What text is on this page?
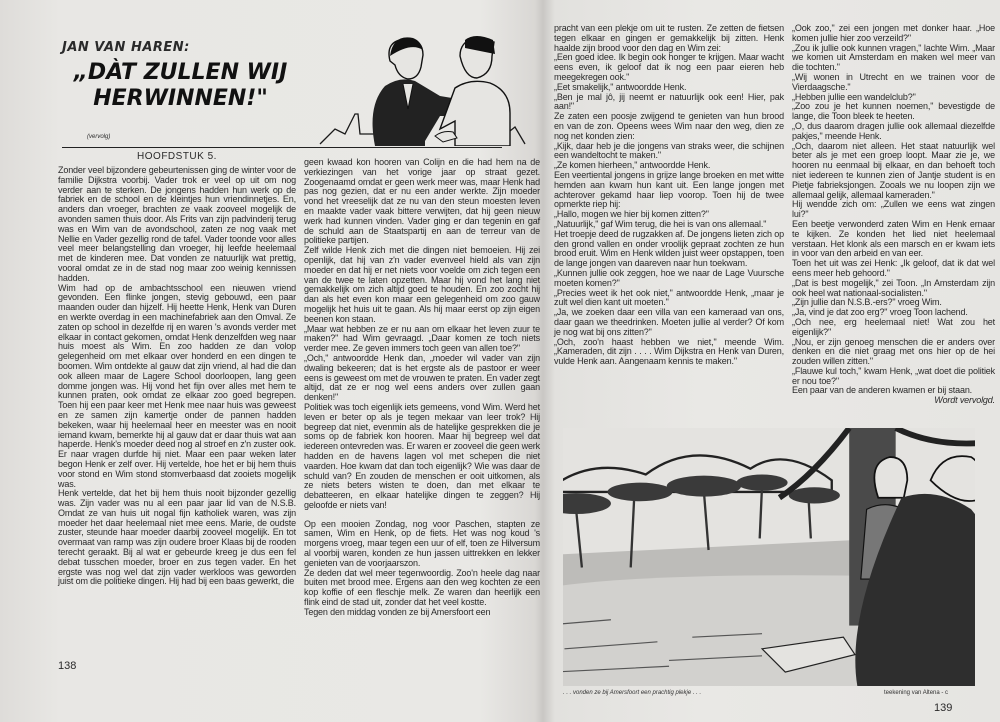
JAN VAN HAREN:
„DÀT ZULLEN WIJ HERWINNEN!"
(vervolg)
HOOFDSTUK 5.

Zonder veel bijzondere gebeurtenissen ging de winter voor de familie Dijkstra voorbij. Vader trok er veel op uit om nog verder aan te sterken. De jongens hadden hun werk op de fabriek en de school en de kleintjes hun vriendinnetjes. En, anders dan vroeger, brachten ze vaak zooveel mogelijk de avonden samen thuis door. Als Frits van zijn padvinderij terug was en Wim van de avondschool, zaten ze nog vaak met Nellie en Vader gezellig rond de tafel. Vader toonde voor alles veel meer belangstelling dan vroeger, hij leefde heelemaal met de kinderen mee. Dat vonden ze natuurlijk wat prettig, vooral omdat ze in de stad nog maar zoo weinig kennissen hadden.

Wim had op de ambachtsschool een nieuwen vriend gevonden. Een flinke jongen, stevig gebouwd, een paar maanden ouder dan hijzelf. Hij heette Henk, Henk van Duren en werkte overdag in een machinefabriek aan den Omval. Ze zaten op school in dezelfde rij en waren 's avonds verder met elkaar in contact gekomen, omdat Henk denzelfden weg naar huis moest als Wim. En zoo hadden ze dan volop gelegenheid om met elkaar over honderd en een dingen te boomen. Wim ontdekte al gauw dat zijn vriend, al had die dan ook alleen maar de Lagere School doorloopen, lang geen domme jongen was. Hij vond het fijn over alles met hem te kunnen praten, ook omdat ze elkaar zoo goed begrepen. Toen hij een paar keer met Henk mee naar huis was geweest en ze samen zijn kamertje onder de pannen hadden bekeken, waar hij heelemaal heer en meester was en nooit iemand kwam, bemerkte hij al gauw dat er daar thuis wat aan haperde. Henk's moeder deed nog al stroef en z'n zuster ook. Er naar vragen durfde hij niet. Maar een paar weken later begon Henk er zelf over. Hij vertelde, hoe het er bij hem thuis voor stond en Wim stond stomverbaasd dat zooiets mogelijk was.

Henk vertelde, dat het bij hem thuis nooit bijzonder gezellig was. Zijn vader was nu al een paar jaar lid van de N.S.B. Omdat ze van huis uit nogal fijn katholiek waren, was zijn moeder het daar heelemaal niet mee eens. Marie, de oudste zuster, steunde haar moeder daarbij zooveel mogelijk. En tot overmaat van ramp was zijn oudere broer Klaas bij de rooden terecht geraakt. Bij al wat er gebeurde kreeg je dus een fel debat tusschen moeder, broer en zus tegen vader. En het ergste was nog wel dat zijn vader werkloos was geworden juist om die politieke dingen. Hij had bij een baas gewerkt, die

geen kwaad kon hooren van Colijn en die had hem na de verkiezingen van het vorige jaar op straat gezet. Zoogenaamd omdat er geen werk meer was, maar Henk had pas nog gezien, dat er nu een ander werkte. Zijn moeder vond het vreeselijk dat ze nu van den steun moesten leven en maakte vader vaak bittere verwijten, dat hij geen nieuw werk had kunnen vinden. Vader ging er dan tegenin en gaf de schuld aan de Staatspartij en aan de terreur van de politieke partijen.

Zelf wilde Henk zich met die dingen niet bemoeien. Hij zei openlijk, dat hij van z'n vader evenveel hield als van zijn moeder en dat hij er net niets voor voelde om zich tegen een van de twee te laten opzetten. Maar hij vond het lang niet gemakkelijk om zich altijd goed te houden. En zoo zocht hij dan als het even kon maar een gelegenheid om zoo gauw mogelijk het huis uit te gaan. Als hij maar eerst op zijn eigen beenen kon staan.

„Maar wat hebben ze er nu aan om elkaar het leven zuur te maken?" had Wim gevraagd. „Daar komen ze toch niets verder mee. Ze geven immers toch geen van allen toe?"

„Och," antwoordde Henk dan, „moeder wil vader van zijn dwaling bekeeren; dat is het ergste als de pastoor er weer eens is geweest om met de vrouwen te praten. En vader zegt altijd, dat ze er nog wel eens anders over zullen gaan denken!"

Politiek was toch eigenlijk iets gemeens, vond Wim. Werd het leven er beter op als je tegen mekaar van leer trok? Hij begreep dat niet, evenmin als de hatelijke gesprekken die je soms op de fabriek kon hooren. Maar hij begreep wel dat iedereen ontevreden was. Er waren er zooveel die geen werk hadden en de havens lagen vol met schepen die niet vaarden. Hoe kwam dat dan toch eigenlijk? Wie was daar de schuld van? En zouden de menschen er ooit uitkomen, als ze niets beters wisten te doen, dan met elkaar te debatteeren, en elkaar hatelijke dingen te zeggen? Hij geloofde er niets van!

Op een mooien Zondag, nog voor Paschen, stapten ze samen, Wim en Henk, op de fiets. Het was nog koud 's morgens vroeg, maar tegen een uur of elf, toen ze Hilversum al voorbij waren, konden ze hun jassen uittrekken en lekker genieten van de voorjaarszon.

Ze deden dat wel meer tegenwoordig. Zoo'n heele dag naar buiten met brood mee. Ergens aan den weg kochten ze een kop koffie of een fleschje melk. Ze waren dan heerlijk een flink eind de stad uit, zonder dat het veel kostte.

Tegen den middag vonden ze bij Amersfoort een

138

pracht van een plekje om uit te rusten. Ze zetten de fietsen tegen elkaar en gingen er gemakkelijk bij zitten. Henk haalde zijn brood voor den dag en Wim zei:

„Een goed idee. Ik begin ook honger te krijgen. Maar wacht eens even, ik geloof dat ik nog een paar eieren heb meegekregen ook."

„Eet smakelijk," antwoordde Henk.

„Ben je mal jô, jij neemt er natuurlijk ook een! Hier, pak aan!"

Ze zaten een poosje zwijgend te genieten van hun brood en van de zon. Opeens wees Wim naar den weg, dien ze nog net konden zien:

„Kijk, daar heb je die jongens van straks weer, die schijnen een wandeltocht te maken."

„Ze komen hierheen," antwoordde Henk.

Een veertiental jongens in grijze lange broeken en met witte hemden aan kwam hun kant uit. Een lange jongen met achterover gekamd haar liep voorop. Toen hij de twee opmerkte riep hij:

„Hallo, mogen we hier bij komen zitten?"

„Natuurlijk," gaf Wim terug, die hei is van ons allemaal."

Het troepje deed de rugzakken af. De jongens lieten zich op den grond vallen en onder vroolijk gepraat zochten ze hun brood eruit. Wim en Henk wilden juist weer opstappen, toen de lange jongen van daareven naar hun toekwam.

„Kunnen jullie ook zeggen, hoe we naar de Lage Vuursche moeten komen?"

„Precies weet ik het ook niet," antwoordde Henk, „maar je zult wel dien kant uit moeten."

„Ja, we zoeken daar een villa van een kameraad van ons, daar gaan we theedrinken. Moeten jullie al verder? Of kom je nog wat bij ons zitten?"

„Och, zoo'n haast hebben we niet," meende Wim. „Kameraden, dit zijn . . . . Wim Dijkstra en Henk van Duren, vulde Henk aan. Aangenaam kennis te maken."

„Ook zoo," zei een jongen met donker haar. „Hoe komen jullie hier zoo verzeild?"

„Zou ik jullie ook kunnen vragen," lachte Wim. „Maar we komen uit Amsterdam en maken wel meer van die tochten."

„Wij wonen in Utrecht en we trainen voor de Vierdaagsche."

„Hebben jullie een wandelclub?"

„Zoo zou je het kunnen noemen," bevestigde de lange, die Toon bleek te heeten.

„O, dus daarom dragen jullie ook allemaal diezelfde pakjes," meende Henk.

„Och, daarom niet alleen. Het staat natuurlijk wel beter als je met een groep loopt. Maar zie je, we hooren nu eenmaal bij elkaar, en dan behoeft toch niet iedereen te kunnen zien of Jantje student is en Pietje fabrieksjongen. Zooals we nu loopen zijn we allemaal gelijk, allemaal kameraden."

Hij wendde zich om: „Zullen we eens wat zingen lui?"

Een beetje verwonderd zaten Wim en Henk ernaar te kijken. Ze konden het lied niet heelemaal verstaan. Het klonk als een marsch en er kwam iets in voor van den arbeid en van eer.

Toen het uit was zei Henk: „Ik geloof, dat ik dat wel eens meer heb gehoord."

„Dat is best mogelijk," zei Toon. „In Amsterdam zijn ook heel wat nationaal-socialisten."

„Zijn jullie dan N.S.B.-ers?" vroeg Wim.

„Ja, vind je dat zoo erg?" vroeg Toon lachend.

„Och nee, erg heelemaal niet! Wat zou het eigenlijk?"

„Nou, er zijn genoeg menschen die er anders over denken en die niet graag met ons hier op de hei zouden willen zitten."

„Flauwe kul toch," kwam Henk, „wat doet die politiek er nou toe?"

Een paar van de anderen kwamen er bij staan.

Wordt vervolgd.
. . . vonden ze bij Amersfoort een prachtig plekje . . .	teekening van Altena - c
139
